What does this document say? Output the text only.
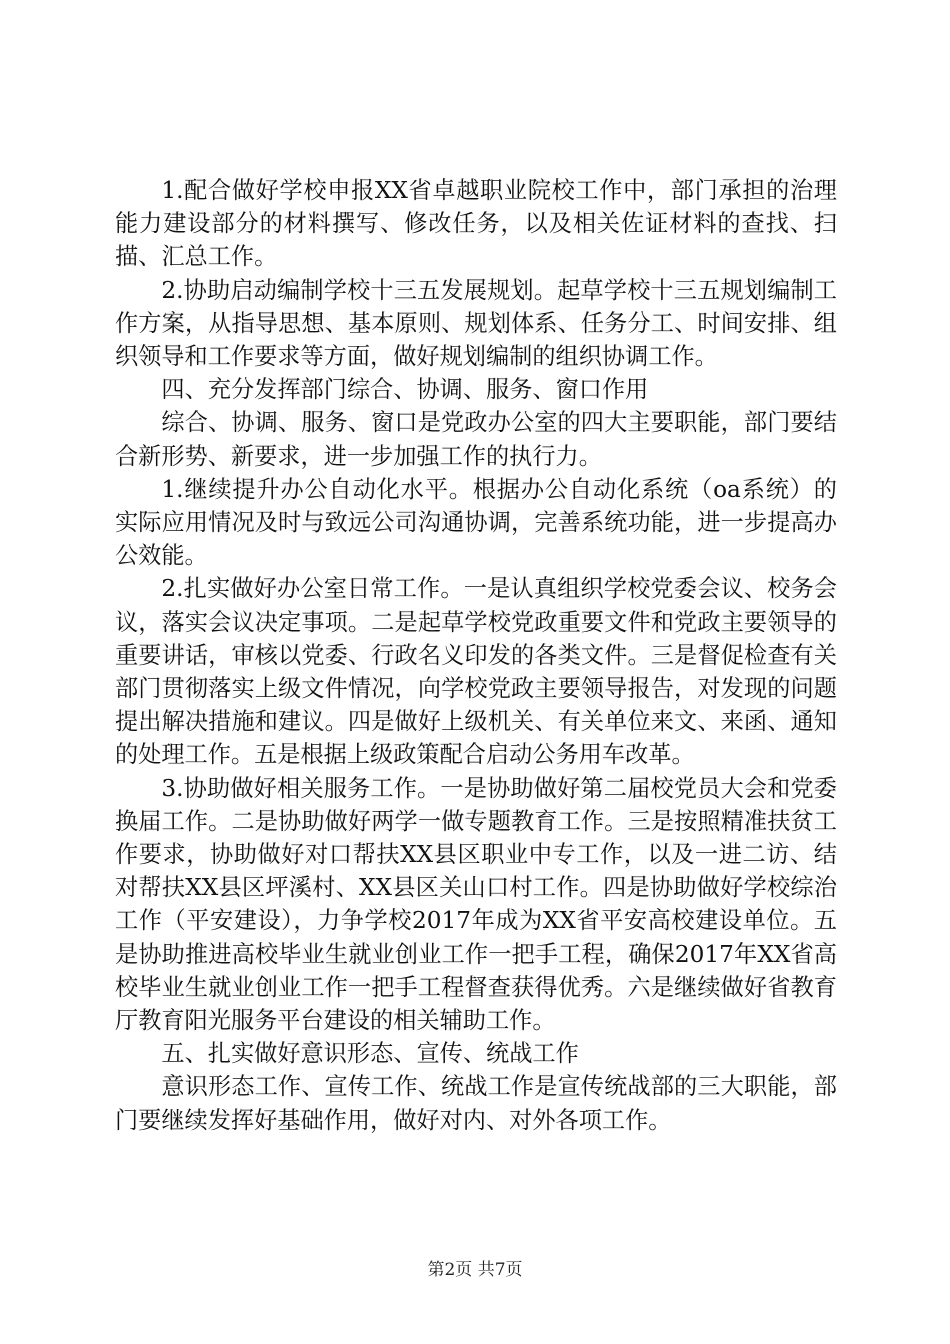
1.配合做好学校申报XX省卓越职业院校工作中，部门承担的治理能力建设部分的材料撰写、修改任务，以及相关佐证材料的查找、扫描、汇总工作。

2.协助启动编制学校十三五发展规划。起草学校十三五规划编制工作方案，从指导思想、基本原则、规划体系、任务分工、时间安排、组织领导和工作要求等方面，做好规划编制的组织协调工作。

四、充分发挥部门综合、协调、服务、窗口作用

综合、协调、服务、窗口是党政办公室的四大主要职能，部门要结合新形势、新要求，进一步加强工作的执行力。

1.继续提升办公自动化水平。根据办公自动化系统（oa系统）的实际应用情况及时与致远公司沟通协调，完善系统功能，进一步提高办公效能。

2.扎实做好办公室日常工作。一是认真组织学校党委会议、校务会议，落实会议决定事项。二是起草学校党政重要文件和党政主要领导的重要讲话，审核以党委、行政名义印发的各类文件。三是督促检查有关部门贯彻落实上级文件情况，向学校党政主要领导报告，对发现的问题提出解决措施和建议。四是做好上级机关、有关单位来文、来函、通知的处理工作。五是根据上级政策配合启动公务用车改革。

3.协助做好相关服务工作。一是协助做好第二届校党员大会和党委换届工作。二是协助做好两学一做专题教育工作。三是按照精准扶贫工作要求，协助做好对口帮扶XX县区职业中专工作，以及一进二访、结对帮扶XX县区坪溪村、XX县区关山口村工作。四是协助做好学校综治工作（平安建设），力争学校2017年成为XX省平安高校建设单位。五是协助推进高校毕业生就业创业工作一把手工程，确保2017年XX省高校毕业生就业创业工作一把手工程督查获得优秀。六是继续做好省教育厅教育阳光服务平台建设的相关辅助工作。

五、扎实做好意识形态、宣传、统战工作

意识形态工作、宣传工作、统战工作是宣传统战部的三大职能，部门要继续发挥好基础作用，做好对内、对外各项工作。

第2页 共7页
